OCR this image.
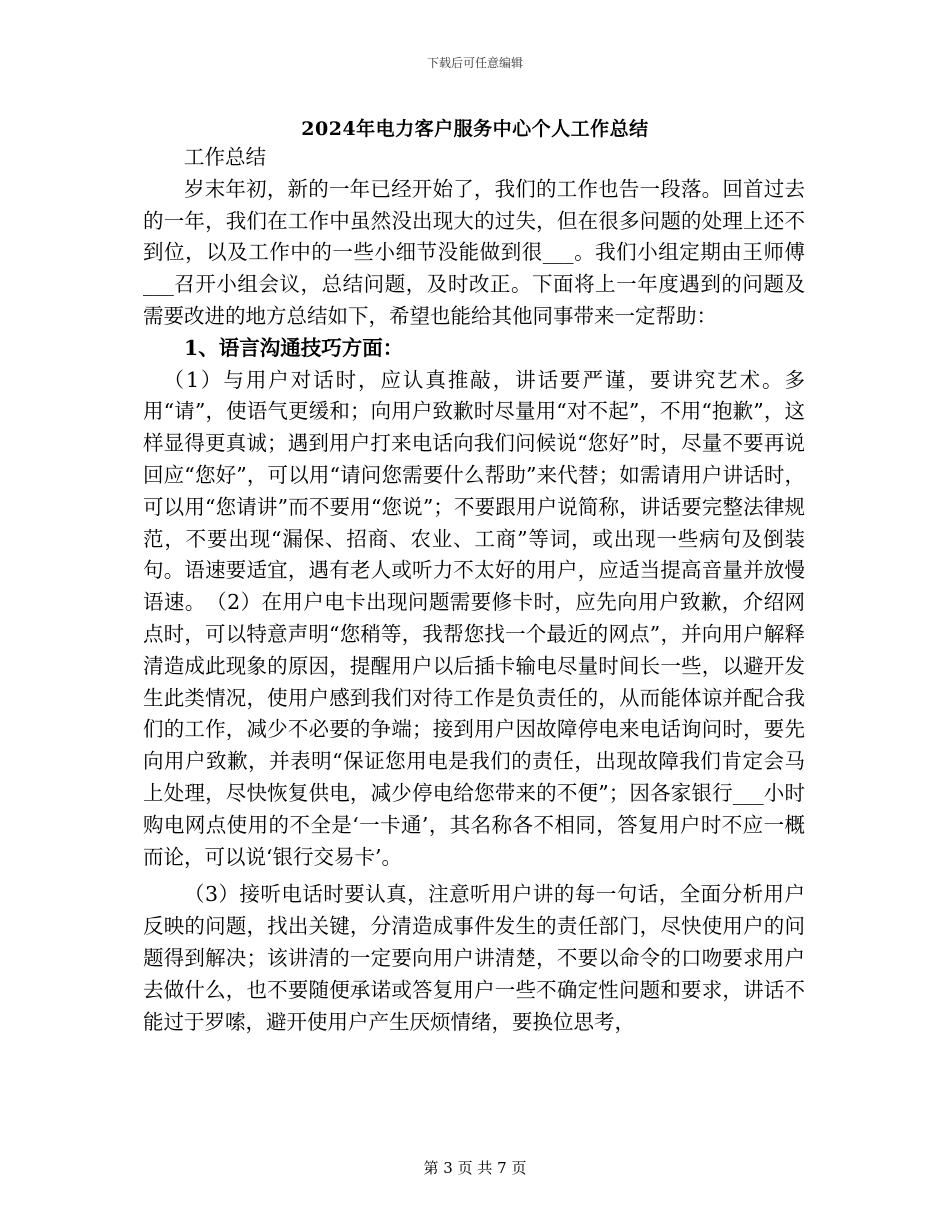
下载后可任意编辑
2024年电力客户服务中心个人工作总结

工作总结

岁末年初，新的一年已经开始了，我们的工作也告一段落。回首过去的一年，我们在工作中虽然没出现大的过失，但在很多问题的处理上还不到位，以及工作中的一些小细节没能做到很___。我们小组定期由王师傅___召开小组会议，总结问题，及时改正。下面将上一年度遇到的问题及需要改进的地方总结如下，希望也能给其他同事带来一定帮助：

1、语言沟通技巧方面：

（1）与用户对话时，应认真推敲，讲话要严谨，要讲究艺术。多用“请”，使语气更缓和；向用户致歉时尽量用“对不起”，不用“抱歉”，这样显得更真诚；遇到用户打来电话向我们问候说“您好”时，尽量不要再说回应“您好”，可以用“请问您需要什么帮助”来代替；如需请用户讲话时，可以用“您请讲”而不要用“您说”；不要跟用户说简称，讲话要完整法律规范，不要出现“漏保、招商、农业、工商”等词，或出现一些病句及倒装句。语速要适宜，遇有老人或听力不太好的用户，应适当提高音量并放慢语速。　（2）在用户电卡出现问题需要修卡时，应先向用户致歉，介绍网点时，可以特意声明“您稍等，我帮您找一个最近的网点”，并向用户解释清造成此现象的原因，提醒用户以后插卡输电尽量时间长一些，以避开发生此类情况，使用户感到我们对待工作是负责任的，从而能体谅并配合我们的工作，减少不必要的争端；接到用户因故障停电来电话询问时，要先向用户致歉，并表明“保证您用电是我们的责任，出现故障我们肯定会马上处理，尽快恢复供电，减少停电给您带来的不便”；因各家银行___小时购电网点使用的不全是‘一卡通’，其名称各不相同，答复用户时不应一概而论，可以说‘银行交易卡’。

（3）接听电话时要认真，注意听用户讲的每一句话，全面分析用户反映的问题，找出关键，分清造成事件发生的责任部门，尽快使用户的问题得到解决；该讲清的一定要向用户讲清楚，不要以命令的口吻要求用户去做什么，也不要随便承诺或答复用户一些不确定性问题和要求，讲话不能过于罗嗦，避开使用户产生厌烦情绪，要换位思考，

第 3 页 共 7 页
